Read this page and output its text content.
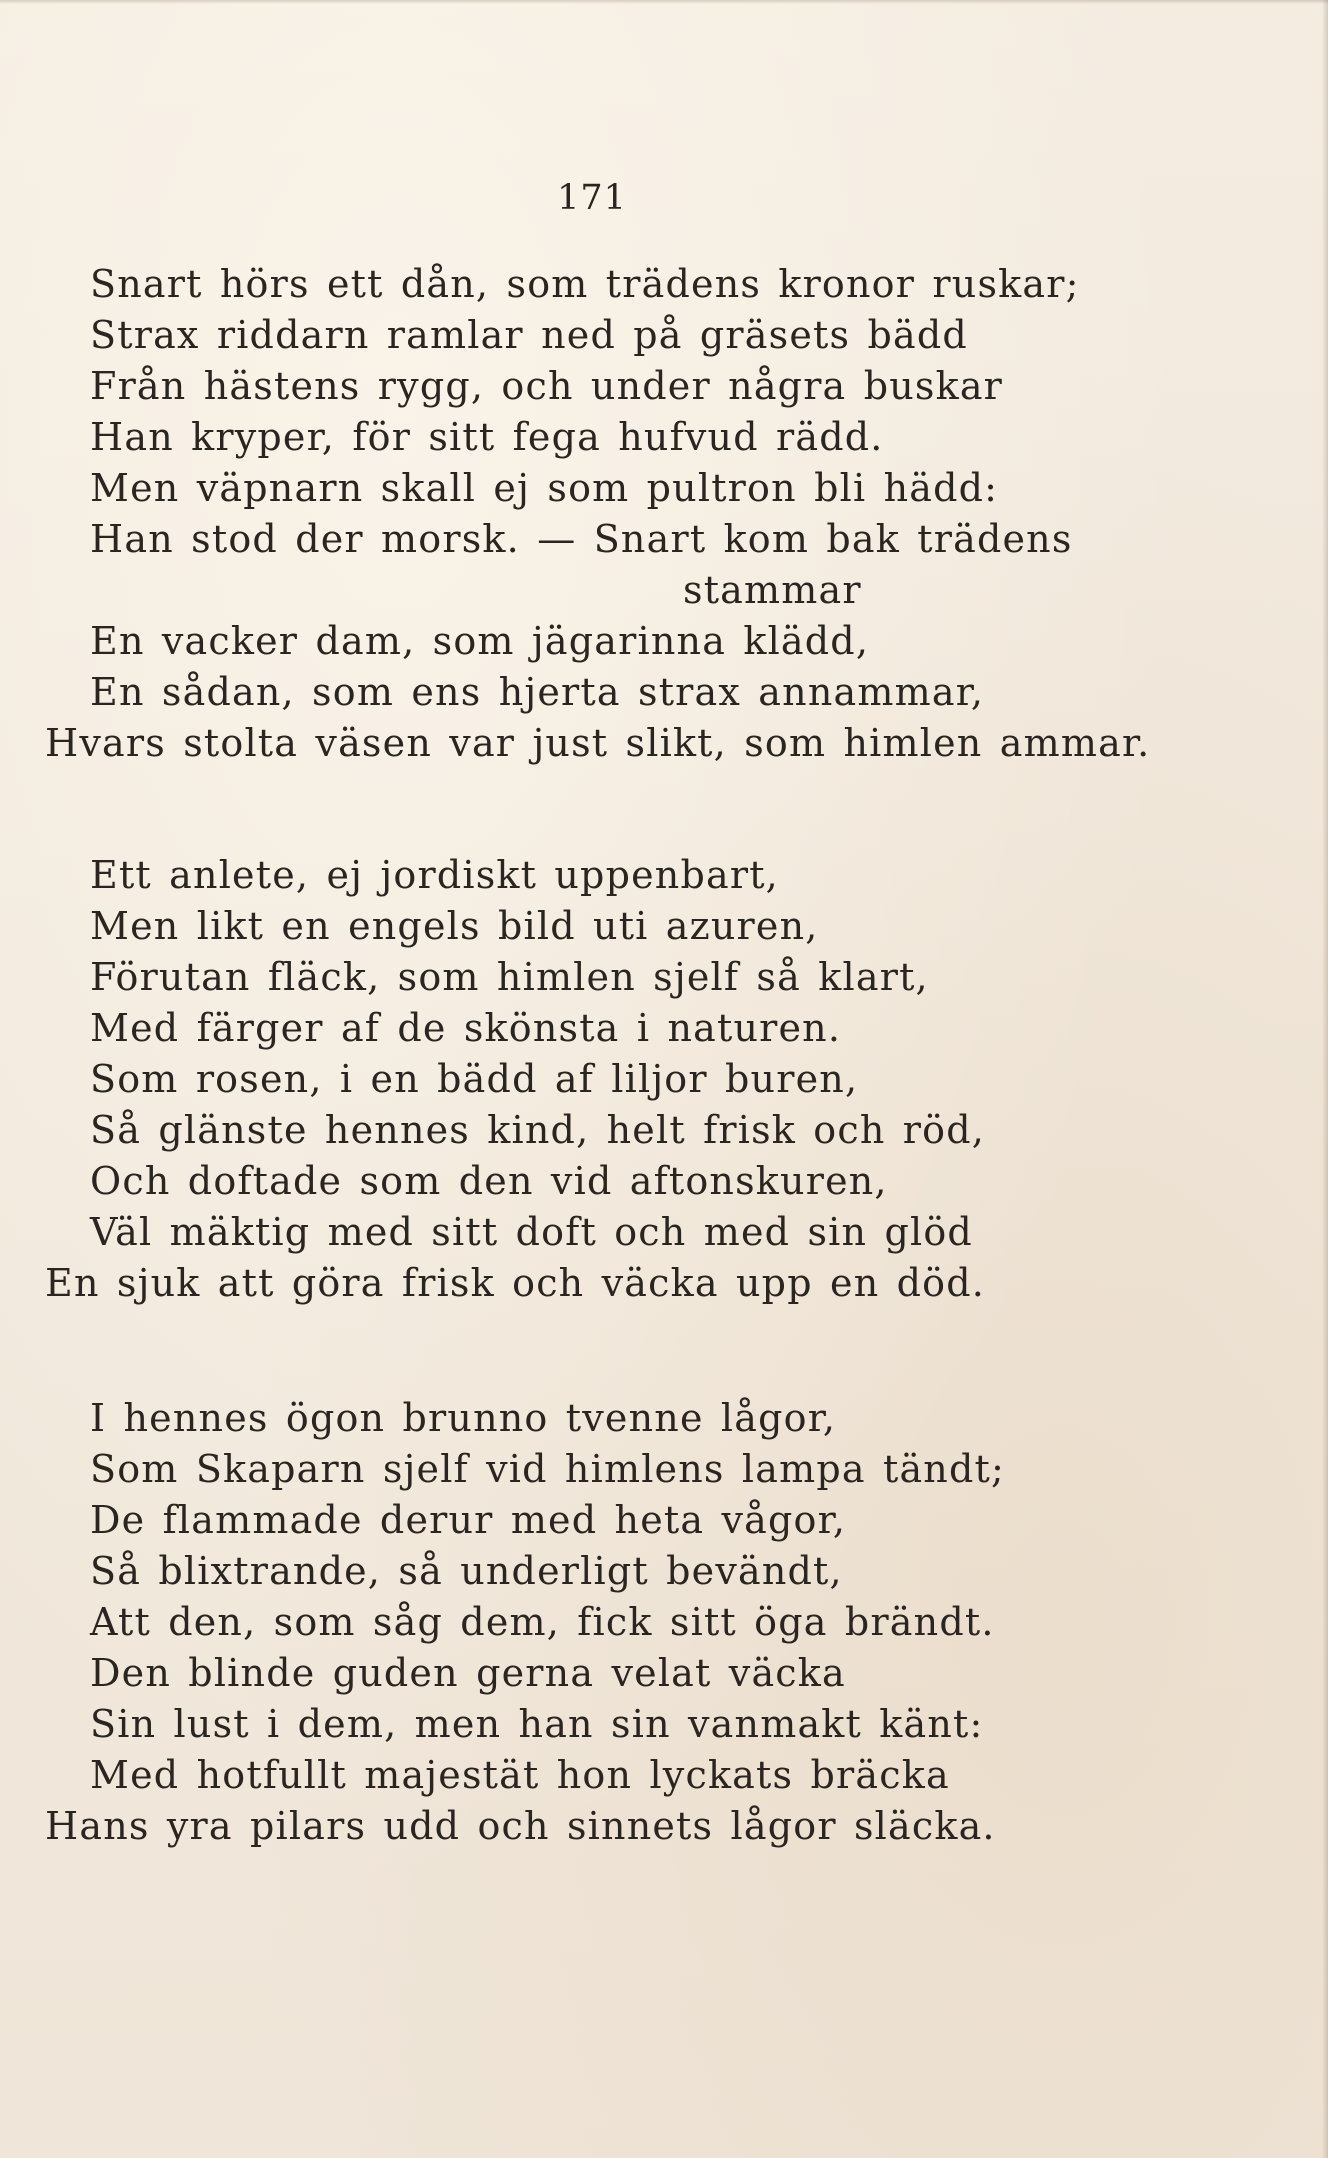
171
Snart hörs ett dån, som trädens kronor ruskar;
Strax riddarn ramlar ned på gräsets bädd
Från hästens rygg, och under några buskar
Han kryper, för sitt fega hufvud rädd.
Men väpnarn skall ej som pultron bli hädd:
Han stod der morsk. — Snart kom bak trädens
stammar
En vacker dam, som jägarinna klädd,
En sådan, som ens hjerta strax annammar,
Hvars stolta väsen var just slikt, som himlen ammar.
Ett anlete, ej jordiskt uppenbart,
Men likt en engels bild uti azuren,
Förutan fläck, som himlen sjelf så klart,
Med färger af de skönsta i naturen.
Som rosen, i en bädd af liljor buren,
Så glänste hennes kind, helt frisk och röd,
Och doftade som den vid aftonskuren,
Väl mäktig med sitt doft och med sin glöd
En sjuk att göra frisk och väcka upp en död.
I hennes ögon brunno tvenne lågor,
Som Skaparn sjelf vid himlens lampa tändt;
De flammade derur med heta vågor,
Så blixtrande, så underligt bevändt,
Att den, som såg dem, fick sitt öga brändt.
Den blinde guden gerna velat väcka
Sin lust i dem, men han sin vanmakt känt:
Med hotfullt majestät hon lyckats bräcka
Hans yra pilars udd och sinnets lågor släcka.
